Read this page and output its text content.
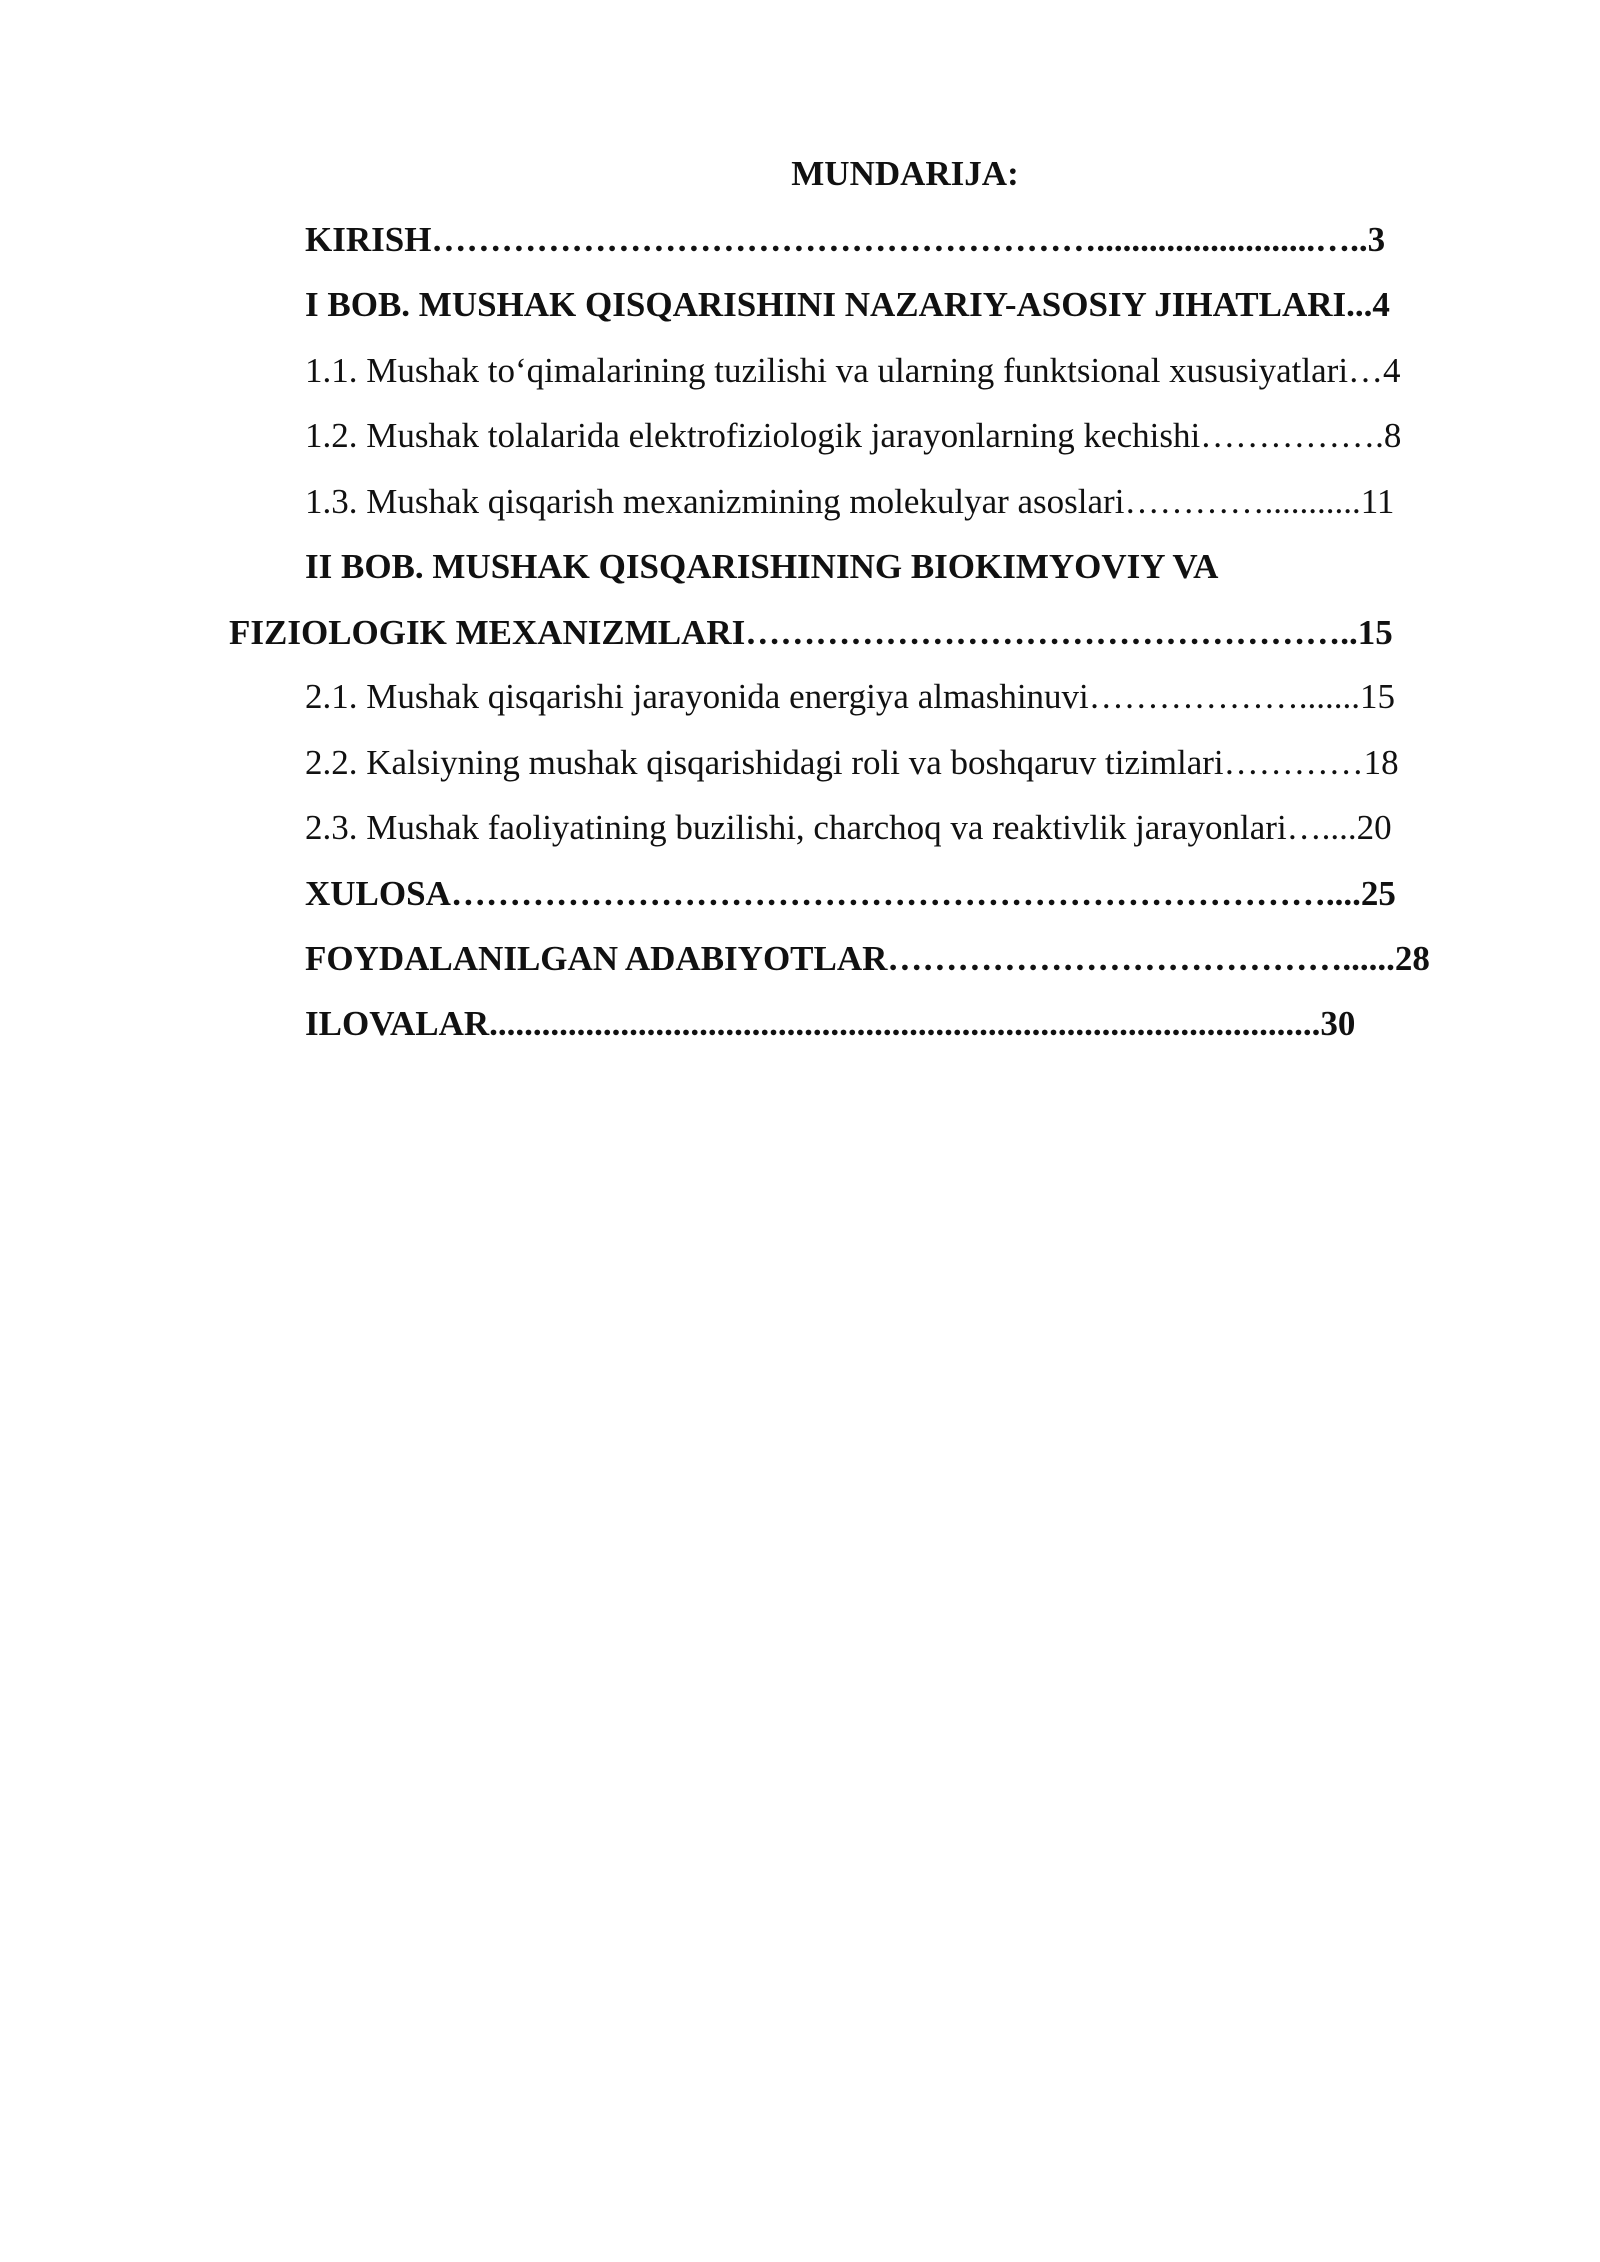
MUNDARIJA:

KIRISH………………………………………………….........................…..3

I BOB. MUSHAK QISQARISHINI NAZARIY-ASOSIY JIHATLARI...4

1.1. Mushak to‘qimalarining tuzilishi va ularning funktsional xususiyatlari…4

1.2. Mushak tolalarida elektrofiziologik jarayonlarning kechishi…………….8

1.3. Mushak qisqarish mexanizmining molekulyar asoslari…………...........11

II BOB. MUSHAK QISQARISHINING BIOKIMYOVIY VA

FIZIOLOGIK MEXANIZMLARI……………………………………………..15

2.1. Mushak qisqarishi jarayonida energiya almashinuvi……………….......15

2.2. Kalsiyning mushak qisqarishidagi roli va boshqaruv tizimlari…………18

2.3. Mushak faoliyatining buzilishi, charchoq va reaktivlik jarayonlari…....20

XULOSA…………………………………………………………………....25

FOYDALANILGAN ADABIYOTLAR…………………………………......28

ILOVALAR...............................................................................................30
